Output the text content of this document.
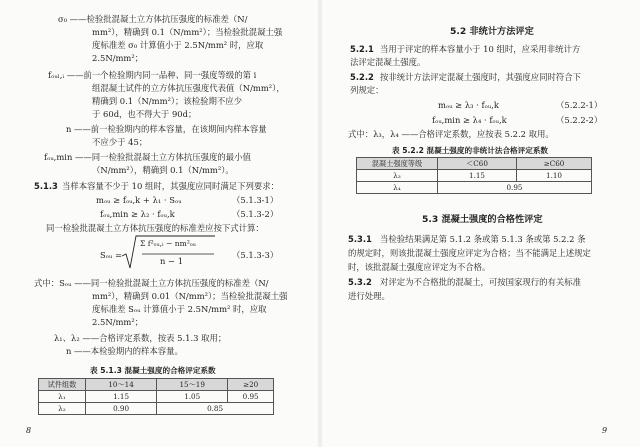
σ₀ ——检验批混凝土立方体抗压强度的标准差（N/
mm²），精确到 0.1（N/mm²）；当检验批混凝土强
度标准差 σ₀ 计算值小于 2.5N/mm² 时，应取
2.5N/mm²；
fₒᵤₗ,ᵢ ——前一个检验期内同一品种、同一强度等级的第 i
组混凝土试件的立方体抗压强度代表值（N/mm²），
精确到 0.1（N/mm²）；该检验期不应少
于 60d，也不得大于 90d；
n ——前一检验期内的样本容量，在该期间内样本容量
不应少于 45；
fₒᵤ,min ——同一检验批混凝土立方体抗压强度的最小值
（N/mm²），精确到 0.1（N/mm²）。
5.1.3 当样本容量不少于 10 组时，其强度应同时满足下列要求：
mₒᵤ ≥ fₒᵤ,k + λ₁ · Sₒᵤ	（5.1.3-1）
fₒᵤ,min ≥ λ₂ · fₒᵤ,k	（5.1.3-2）
同一检验批混凝土立方体抗压强度的标准差应按下式计算：
Sₒᵤ =
Σ f²ₒᵤ,ᵢ − nm²ₒᵤ
n − 1
（5.1.3-3）
式中：Sₒᵤ ——同一检验批混凝土立方体抗压强度的标准差（N/
mm²），精确到 0.01（N/mm²）；当检验批混凝土强
度标准差 Sₒᵤ 计算值小于 2.5N/mm² 时，应取
2.5N/mm²；
λ₁、λ₂ ——合格评定系数，按表 5.1.3 取用；
n ——本检验期内的样本容量。
表 5.1.3 混凝土强度的合格评定系数
试件组数	10～14	15～19	≥20
λ₁	1.15	1.05	0.95
λ₂	0.90	0.85	
8
5.2 非统计方法评定
5.2.1 当用于评定的样本容量小于 10 组时，应采用非统计方
法评定混凝土强度。
5.2.2 按非统计方法评定混凝土强度时，其强度应同时符合下
列规定：
mₒᵤ ≥ λ₃ · fₒᵤ,k	（5.2.2-1）
fₒᵤ,min ≥ λ₄ · fₒᵤ,k	（5.2.2-2）
式中：λ₃，λ₄ ——合格评定系数，应按表 5.2.2 取用。
表 5.2.2 混凝土强度的非统计法合格评定系数
混凝土强度等级	＜C60	≥C60
λ₃	1.15	1.10
λ₄	0.95	
5.3 混凝土强度的合格性评定
5.3.1 当检验结果满足第 5.1.2 条或第 5.1.3 条或第 5.2.2 条
的规定时，则该批混凝土强度应评定为合格；当不能满足上述规定
时，该批混凝土强度应评定为不合格。
5.3.2 对评定为不合格批的混凝土，可按国家现行的有关标准
进行处理。
9
